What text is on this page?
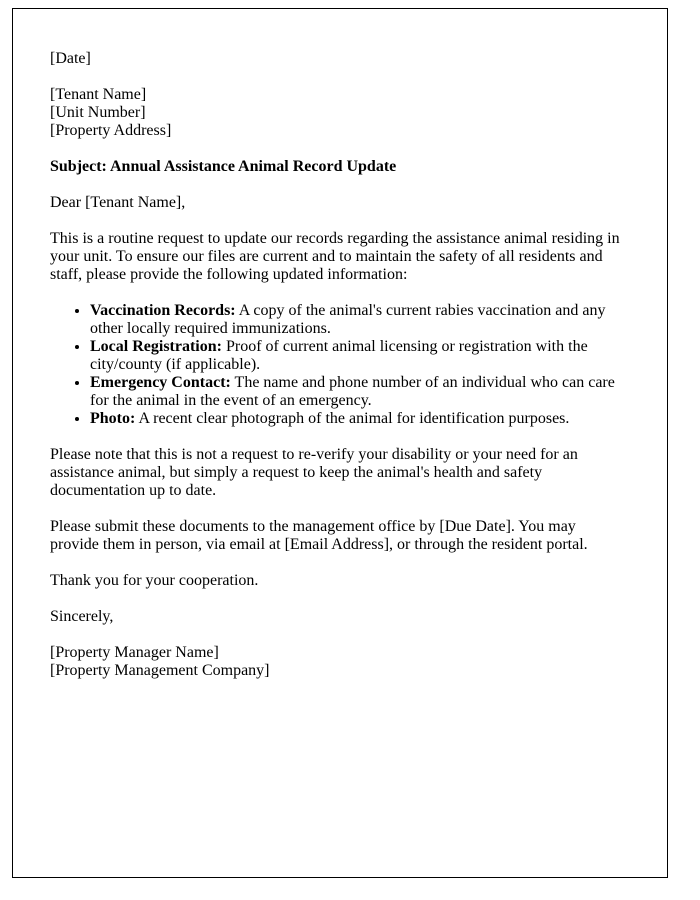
[Date]

[Tenant Name]

[Unit Number]

[Property Address]

Subject: Annual Assistance Animal Record Update

Dear [Tenant Name],

This is a routine request to update our records regarding the assistance animal residing in your unit. To ensure our files are current and to maintain the safety of all residents and staff, please provide the following updated information:

• Vaccination Records: A copy of the animal's current rabies vaccination and any other locally required immunizations.
• Local Registration: Proof of current animal licensing or registration with the city/county (if applicable).
• Emergency Contact: The name and phone number of an individual who can care for the animal in the event of an emergency.
• Photo: A recent clear photograph of the animal for identification purposes.

Please note that this is not a request to re-verify your disability or your need for an assistance animal, but simply a request to keep the animal's health and safety documentation up to date.

Please submit these documents to the management office by [Due Date]. You may provide them in person, via email at [Email Address], or through the resident portal.

Thank you for your cooperation.

Sincerely,

[Property Manager Name]

[Property Management Company]
